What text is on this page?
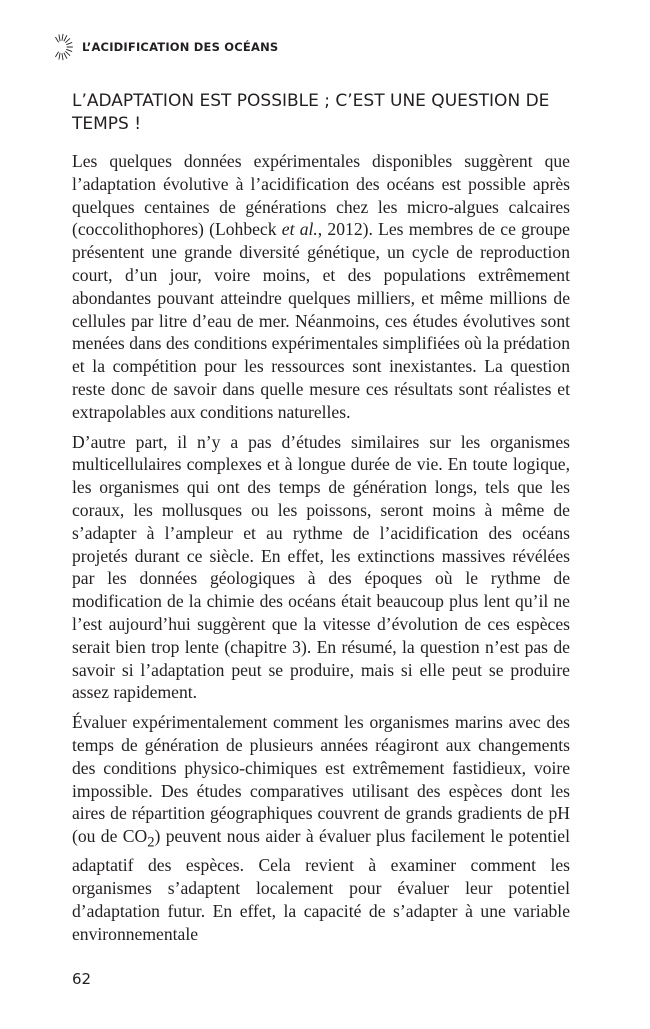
L’ACIDIFICATION DES OCÉANS
L’ADAPTATION EST POSSIBLE ; C’EST UNE QUESTION DE TEMPS !

Les quelques données expérimentales disponibles suggèrent que l’adaptation évolutive à l’acidification des océans est possible après quelques centaines de générations chez les micro-algues calcaires (coccolithophores) (Lohbeck et al., 2012). Les membres de ce groupe présentent une grande diversité génétique, un cycle de reproduction court, d’un jour, voire moins, et des populations extrêmement abondantes pouvant atteindre quelques milliers, et même millions de cellules par litre d’eau de mer. Néanmoins, ces études évolutives sont menées dans des conditions expérimentales simplifiées où la prédation et la compétition pour les ressources sont inexistantes. La question reste donc de savoir dans quelle mesure ces résultats sont réalistes et extrapolables aux conditions naturelles.

D’autre part, il n’y a pas d’études similaires sur les organismes multicellulaires complexes et à longue durée de vie. En toute logique, les organismes qui ont des temps de génération longs, tels que les coraux, les mollusques ou les poissons, seront moins à même de s’adapter à l’ampleur et au rythme de l’acidification des océans projetés durant ce siècle. En effet, les extinctions massives révélées par les données géologiques à des époques où le rythme de modification de la chimie des océans était beaucoup plus lent qu’il ne l’est aujourd’hui suggèrent que la vitesse d’évolution de ces espèces serait bien trop lente (chapitre 3). En résumé, la question n’est pas de savoir si l’adaptation peut se produire, mais si elle peut se produire assez rapidement.

Évaluer expérimentalement comment les organismes marins avec des temps de génération de plusieurs années réagiront aux changements des conditions physico-chimiques est extrêmement fastidieux, voire impossible. Des études comparatives utilisant des espèces dont les aires de répartition géographiques couvrent de grands gradients de pH (ou de $CO_2$) peuvent nous aider à évaluer plus facilement le potentiel adaptatif des espèces. Cela revient à examiner comment les organismes s’adaptent localement pour évaluer leur potentiel d’adaptation futur. En effet, la capacité de s’adapter à une variable environnementale

62
